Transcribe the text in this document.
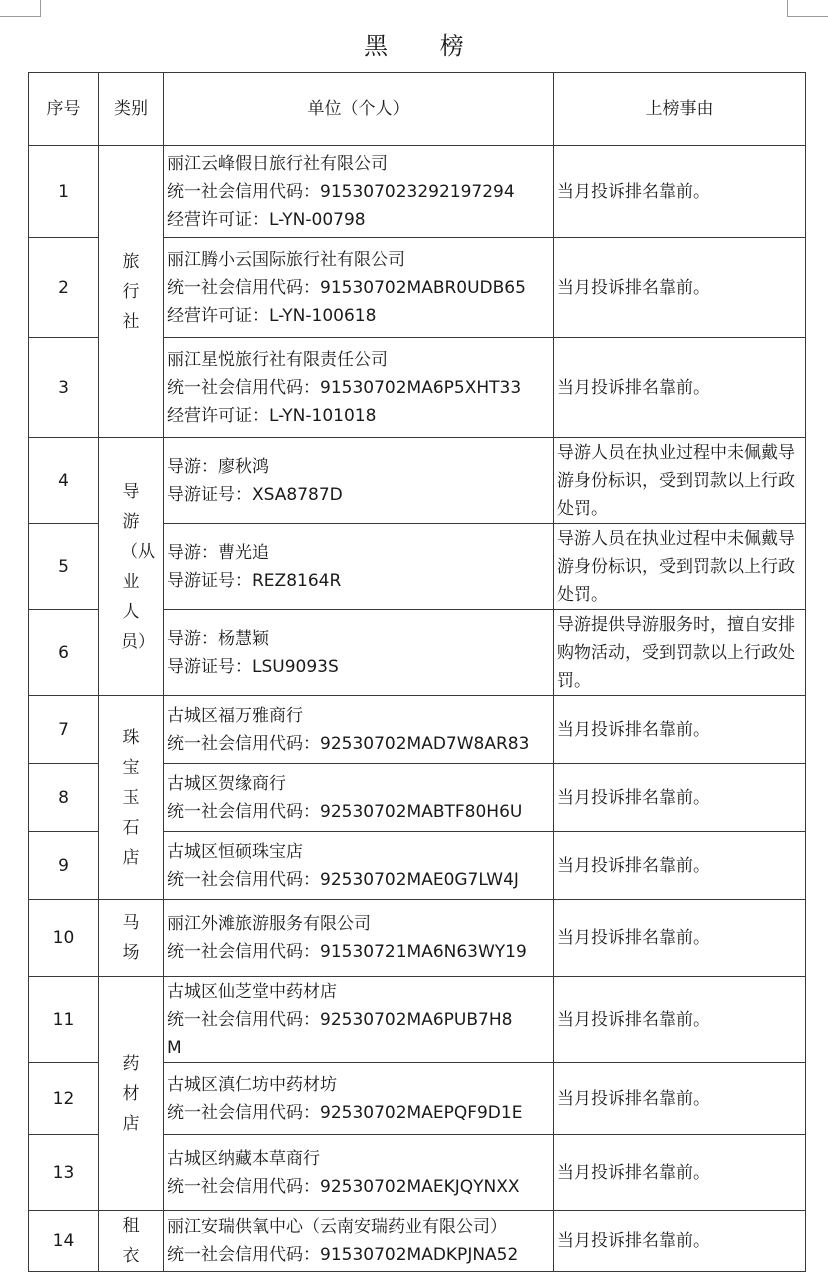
黑 榜
序号	类别	单位（个人）	上榜事由
1	旅行社	丽江云峰假日旅行社有限公司
统一社会信用代码：915307023292197294
经营许可证：L-YN-00798	当月投诉排名靠前。
2		丽江腾小云国际旅行社有限公司
统一社会信用代码：91530702MABR0UDB65
经营许可证：L-YN-100618	当月投诉排名靠前。
3		丽江星悦旅行社有限责任公司
统一社会信用代码：91530702MA6P5XHT33
经营许可证：L-YN-101018	当月投诉排名靠前。
4	导游（从业人员）	导游：廖秋鸿
导游证号：XSA8787D	导游人员在执业过程中未佩戴导游身份标识，受到罚款以上行政处罚。

5		导游：曹光追
导游证号：REZ8164R	导游人员在执业过程中未佩戴导游身份标识，受到罚款以上行政处罚。

6		导游：杨慧颖
导游证号：LSU9093S	导游提供导游服务时，擅自安排购物活动，受到罚款以上行政处罚。

7	珠宝玉石店	古城区福万雅商行
统一社会信用代码：92530702MAD7W8AR83	当月投诉排名靠前。
8		古城区贺缘商行
统一社会信用代码：92530702MABTF80H6U	当月投诉排名靠前。
9		古城区恒硕珠宝店
统一社会信用代码：92530702MAE0G7LW4J	当月投诉排名靠前。
10	马场	丽江外滩旅游服务有限公司
统一社会信用代码：91530721MA6N63WY19	当月投诉排名靠前。
11	药材店	古城区仙芝堂中药材店
统一社会信用代码：92530702MA6PUB7H8
M	当月投诉排名靠前。
12		古城区滇仁坊中药材坊
统一社会信用代码：92530702MAEPQF9D1E	当月投诉排名靠前。
13		古城区纳藏本草商行
统一社会信用代码：92530702MAEKJQYNXX	当月投诉排名靠前。
14	租衣	丽江安瑞供氧中心（云南安瑞药业有限公司）
统一社会信用代码：91530702MADKPJNA52	当月投诉排名靠前。
